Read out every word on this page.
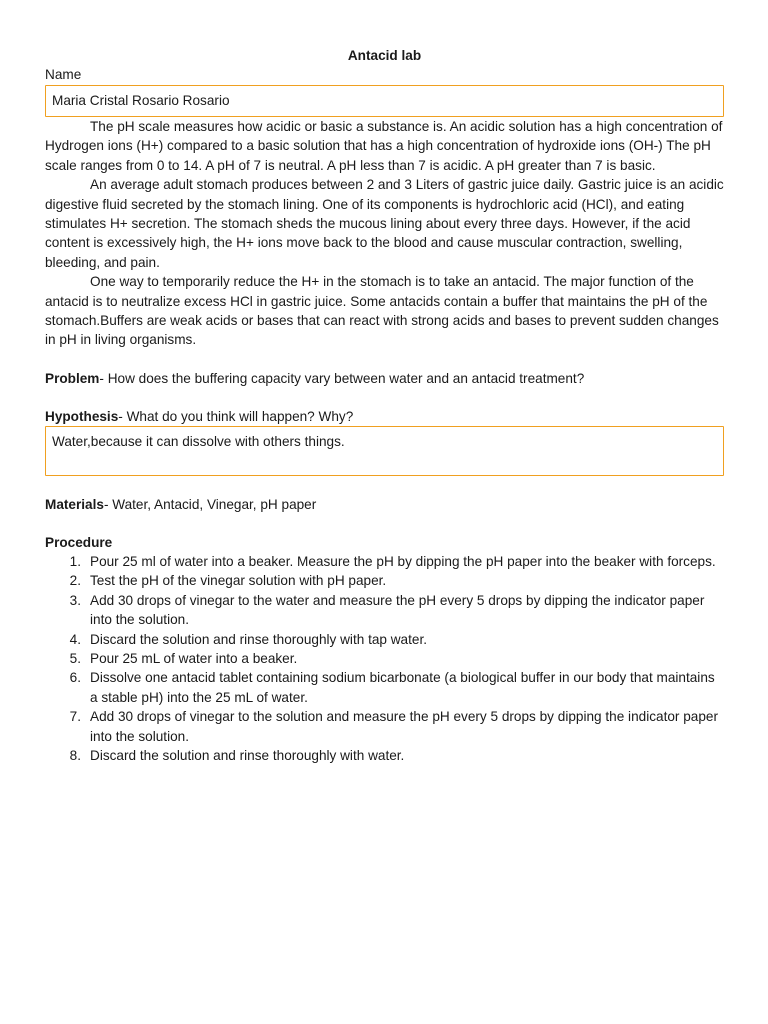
Antacid lab

Name

Maria Cristal Rosario Rosario

The pH scale measures how acidic or basic a substance is. An acidic solution has a high concentration of Hydrogen ions (H+) compared to a basic solution that has a high concentration of hydroxide ions (OH-) The pH scale ranges from 0 to 14. A pH of 7 is neutral. A pH less than 7 is acidic. A pH greater than 7 is basic.

An average adult stomach produces between 2 and 3 Liters of gastric juice daily. Gastric juice is an acidic digestive fluid secreted by the stomach lining. One of its components is hydrochloric acid (HCl), and eating stimulates H+ secretion. The stomach sheds the mucous lining about every three days. However, if the acid content is excessively high, the H+ ions move back to the blood and cause muscular contraction, swelling, bleeding, and pain.

One way to temporarily reduce the H+ in the stomach is to take an antacid. The major function of the antacid is to neutralize excess HCl in gastric juice. Some antacids contain a buffer that maintains the pH of the stomach.Buffers are weak acids or bases that can react with strong acids and bases to prevent sudden changes in pH in living organisms.

Problem- How does the buffering capacity vary between water and an antacid treatment?

Hypothesis- What do you think will happen? Why?

Water,because it can dissolve with others things.

Materials- Water, Antacid, Vinegar, pH paper

Procedure

1. Pour 25 ml of water into a beaker. Measure the pH by dipping the pH paper into the beaker with forceps.
2. Test the pH of the vinegar solution with pH paper.
3. Add 30 drops of vinegar to the water and measure the pH every 5 drops by dipping the indicator paper into the solution.
4. Discard the solution and rinse thoroughly with tap water.
5. Pour 25 mL of water into a beaker.
6. Dissolve one antacid tablet containing sodium bicarbonate (a biological buffer in our body that maintains a stable pH) into the 25 mL of water.
7. Add 30 drops of vinegar to the solution and measure the pH every 5 drops by dipping the indicator paper into the solution.
8. Discard the solution and rinse thoroughly with water.
